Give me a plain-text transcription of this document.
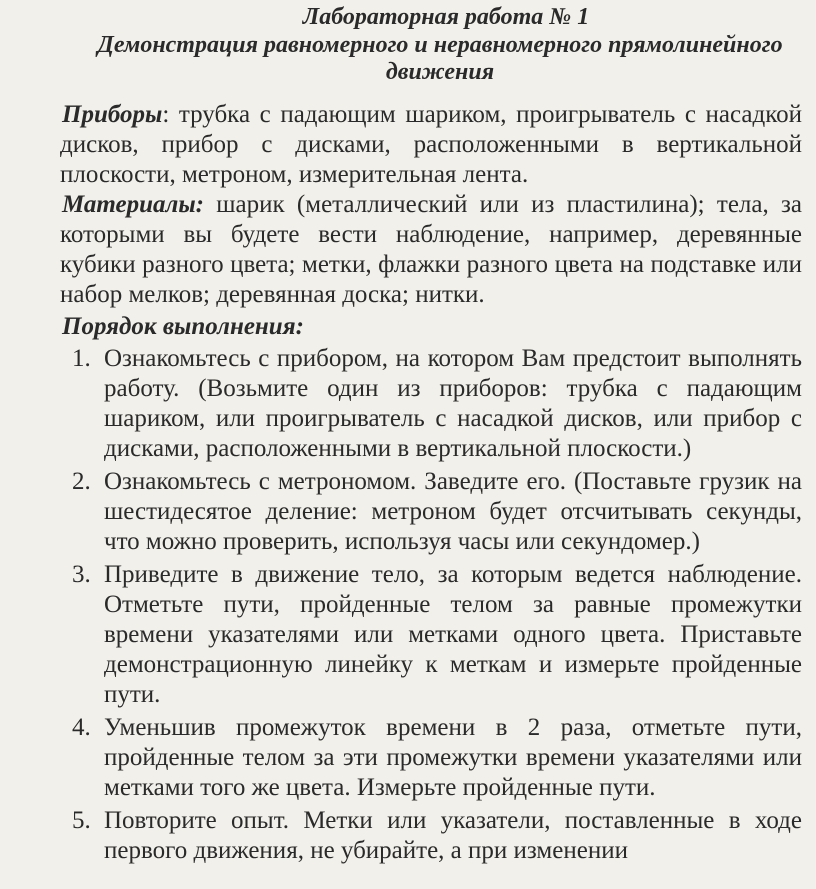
Лабораторная работа № 1
Демонстрация равномерного и неравномерного прямолинейного движения

Приборы: трубка с падающим шариком, проигрыватель с насадкой дисков, прибор с дисками, расположенными в вертикальной плоскости, метроном, измерительная лента.

Материалы: шарик (металлический или из пластилина); тела, за которыми вы будете вести наблюдение, например, деревянные кубики разного цвета; метки, флажки разного цвета на подставке или набор мелков; деревянная доска; нитки.

Порядок выполнения:
1. Ознакомьтесь с прибором, на котором Вам предстоит выполнять работу. (Возьмите один из приборов: трубка с падающим шариком, или проигрыватель с насадкой дисков, или прибор с дисками, расположенными в вертикальной плоскости.)
2. Ознакомьтесь с метрономом. Заведите его. (Поставьте грузик на шестидесятое деление: метроном будет отсчитывать секунды, что можно проверить, используя часы или секундомер.)
3. Приведите в движение тело, за которым ведется наблюдение. Отметьте пути, пройденные телом за равные промежутки времени указателями или метками одного цвета. Приставьте демонстрационную линейку к меткам и измерьте пройденные пути.
4. Уменьшив промежуток времени в 2 раза, отметьте пути, пройденные телом за эти промежутки времени указателями или метками того же цвета. Измерьте пройденные пути.
5. Повторите опыт. Метки или указатели, поставленные в ходе первого движения, не убирайте, а при изменении
